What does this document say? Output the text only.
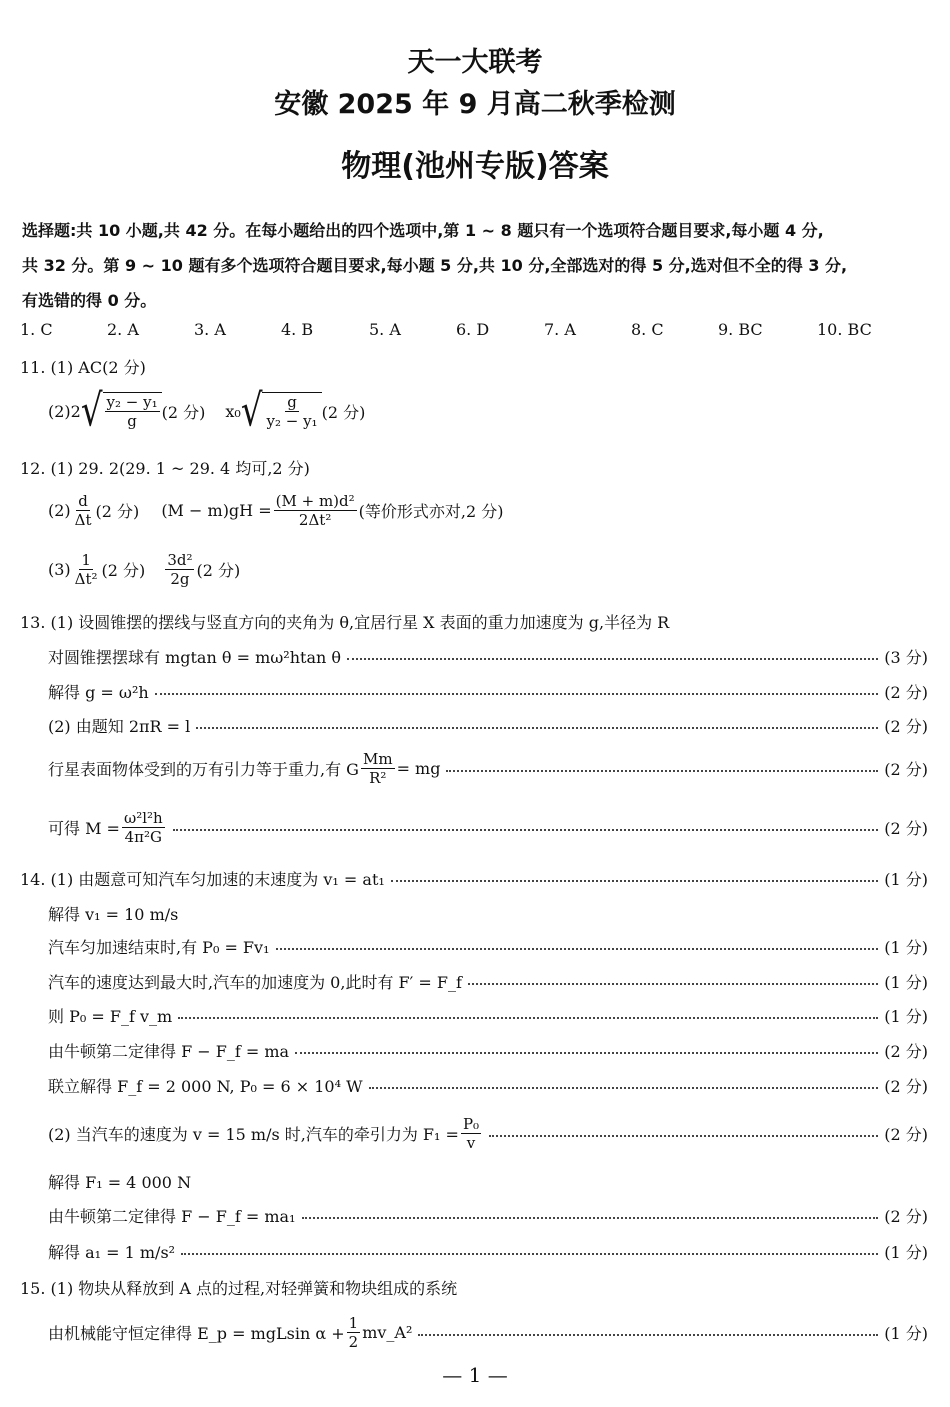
天一大联考
安徽 2025 年 9 月高二秋季检测
物理(池州专版)答案
选择题:共 10 小题,共 42 分。在每小题给出的四个选项中,第 1 ~ 8 题只有一个选项符合题目要求,每小题 4 分,
共 32 分。第 9 ~ 10 题有多个选项符合题目要求,每小题 5 分,共 10 分,全部选对的得 5 分,选对但不全的得 3 分,
有选错的得 0 分。
1. C	2. A	3. A	4. B	5. A	6. D	7. A	8. C	9. BC	10. BC
11. (1) AC(2 分)
(2)2 √ $\frac{\text{y₂ − y₁}}{g} (2$ 分) x₀ √ $\frac{g}{\text{y₂ − y₁}} (2$ 分)
12. (1) 29. 2(29. 1 ~ 29. 4 均可,2 分)
$(2) \frac{d}{\Delta t} (2$ 分) $(M - m)gH = \frac{\text{(M + m)d²}}{\text{2Δt²}}$ (等价形式亦对,2 分)
$(3) \frac{1}{\text{Δt²}} (2$ 分) $\frac{\text{3d²}}{2g} (2$ 分)
13. (1) 设圆锥摆的摆线与竖直方向的夹角为 θ,宜居行星 X 表面的重力加速度为 g,半径为 R
对圆锥摆摆球有 mgtan θ = mω²htan θ	(3 分)
解得 g = ω²h	(2 分)
(2) 由题知 2πR = l	(2 分)
行星表面物体受到的万有引力等于重力,有 G $\frac{Mm}{\text{R²}}$ = mg	(2 分)
可得 $M = \frac{\text{ω²l²h}}{\text{4π²G}}$	(2 分)
14. (1) 由题意可知汽车匀加速的末速度为 v₁ = at₁	(1 分)
解得 v₁ = 10 m/s
汽车匀加速结束时,有 P₀ = Fv₁	(1 分)
汽车的速度达到最大时,汽车的加速度为 0,此时有 F′ = F_f	(1 分)
则 P₀ = F_f v_m	(1 分)
由牛顿第二定律得 F − F_f = ma	(2 分)
联立解得 F_f = 2 000 N, P₀ = 6 × 10⁴ W	(2 分)
(2) 当汽车的速度为 v = 15 m/s 时,汽车的牵引力为 $F_1 = \frac{\text{P₀}}{v}$	(2 分)
解得 F₁ = 4 000 N
由牛顿第二定律得 F − F_f = ma₁	(2 分)
解得 a₁ = 1 m/s²	(1 分)
15. (1) 物块从释放到 A 点的过程,对轻弹簧和物块组成的系统
由机械能守恒定律得 E_p = mgLsin $\alpha + \frac{1}{2}$ mv_A²	(1 分)
— 1 —
